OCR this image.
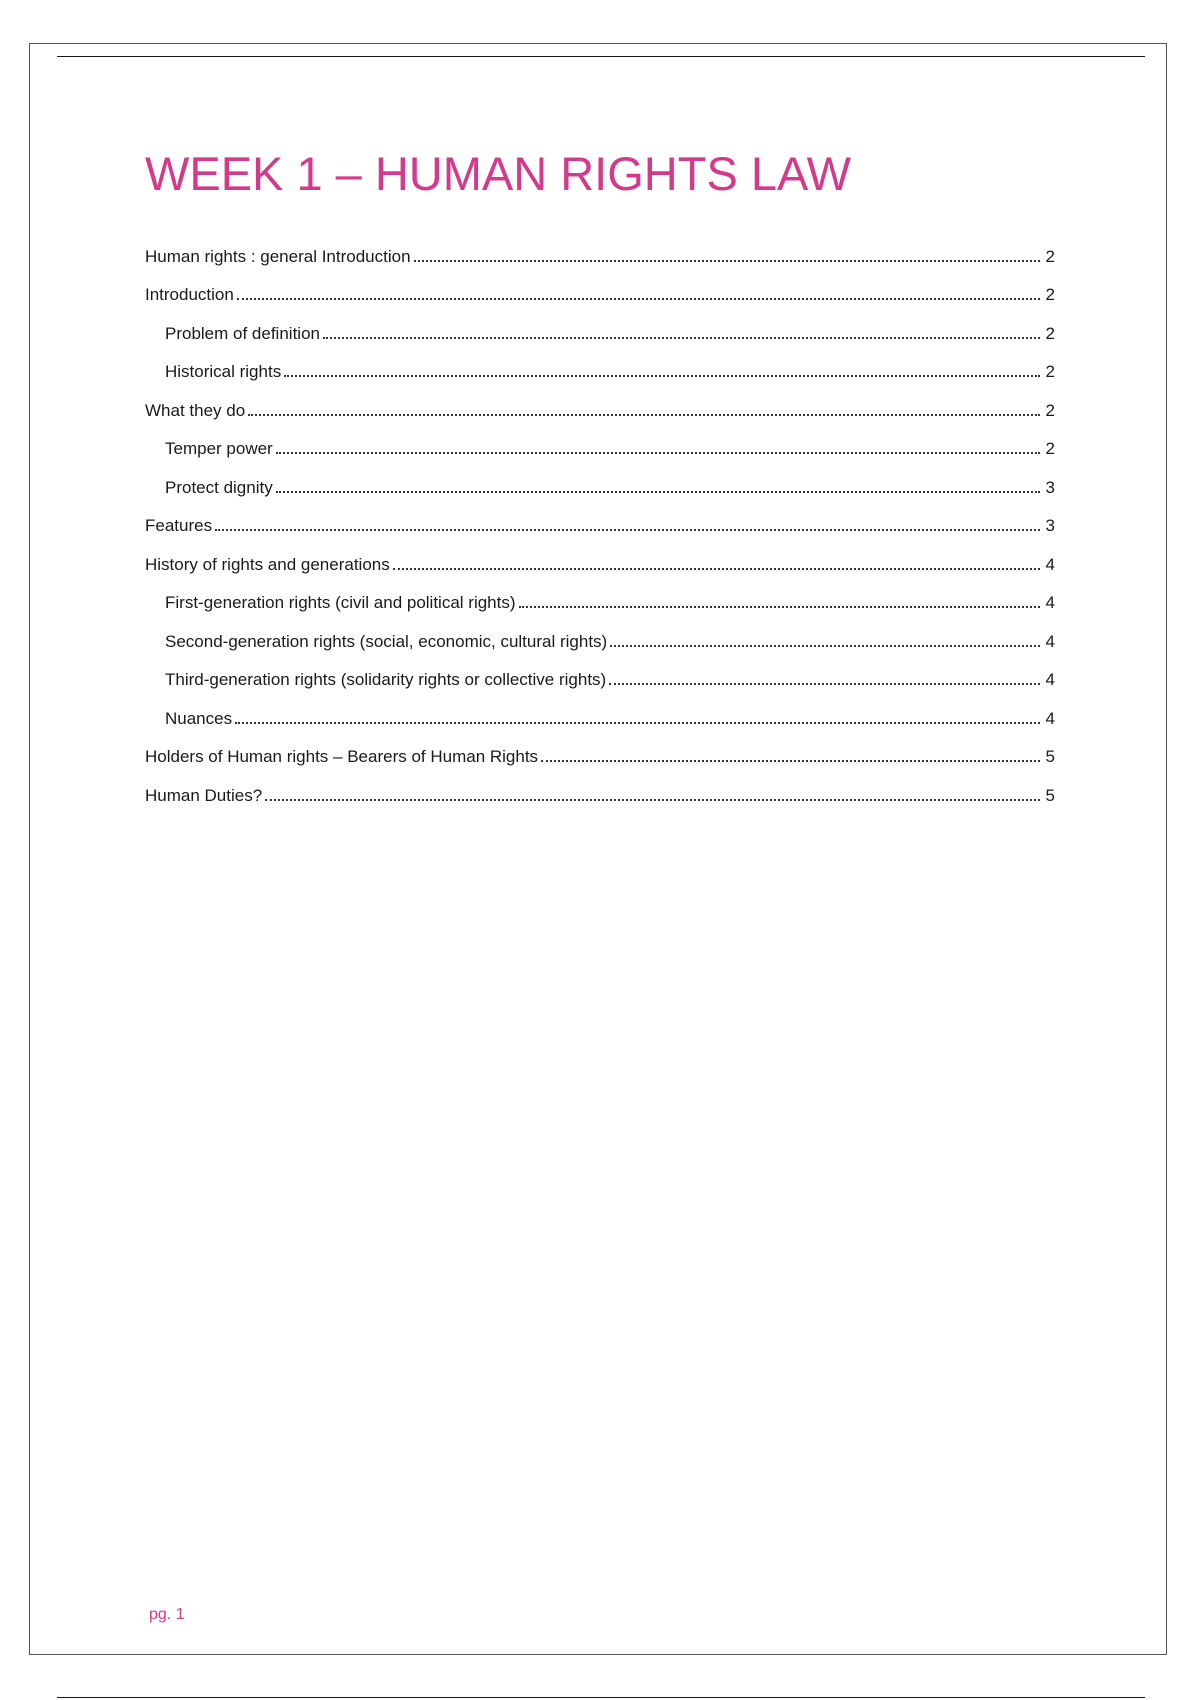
WEEK 1 – HUMAN RIGHTS LAW
Human rights : general Introduction	2
Introduction	2
Problem of definition	2
Historical rights	2
What they do	2
Temper power	2
Protect dignity	3
Features	3
History of rights and generations	4
First-generation rights (civil and political rights)	4
Second-generation rights (social, economic, cultural rights)	4
Third-generation rights (solidarity rights or collective rights)	4
Nuances	4
Holders of Human rights – Bearers of Human Rights	5
Human Duties?	5
pg. 1
